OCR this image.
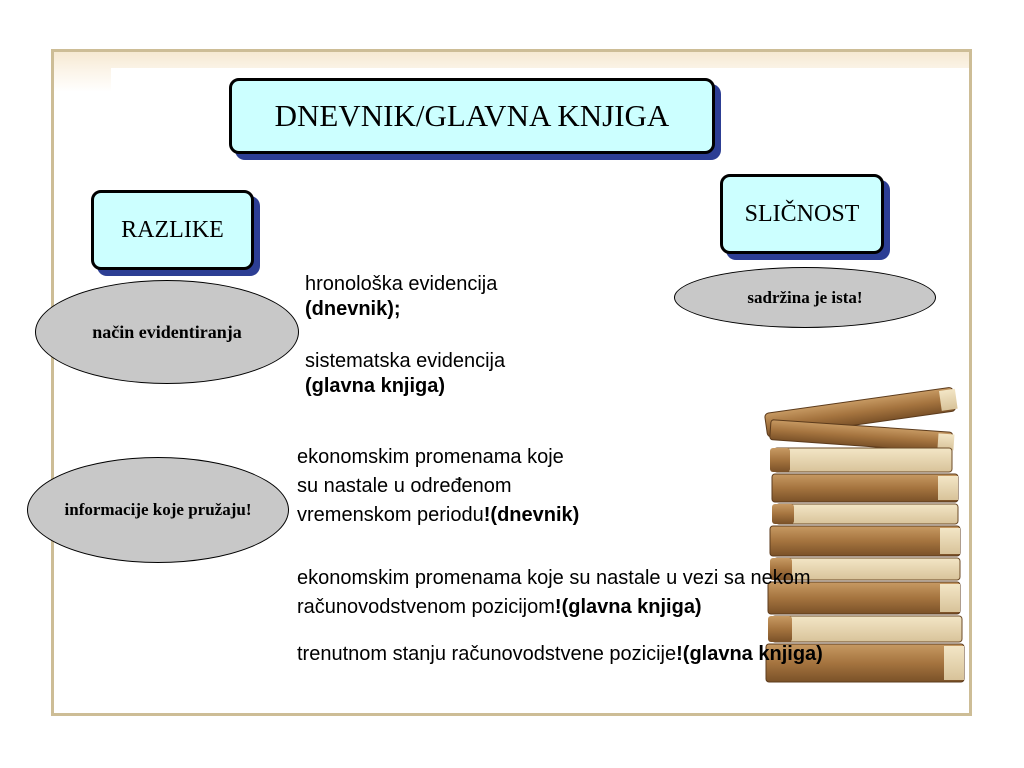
DNEVNIK/GLAVNA KNJIGA
RAZLIKE
SLIČNOST
sadržina je ista!
način evidentiranja
informacije koje pružaju!
hronološka evidencija
(dnevnik);
sistematska evidencija
(glavna knjiga)
ekonomskim promenama koje
su nastale u određenom
vremenskom periodu!(dnevnik)
ekonomskim promenama koje su nastale u vezi sa nekom
računovodstvenom pozicijom!(glavna knjiga)
trenutnom stanju računovodstvene pozicije!(glavna knjiga)
